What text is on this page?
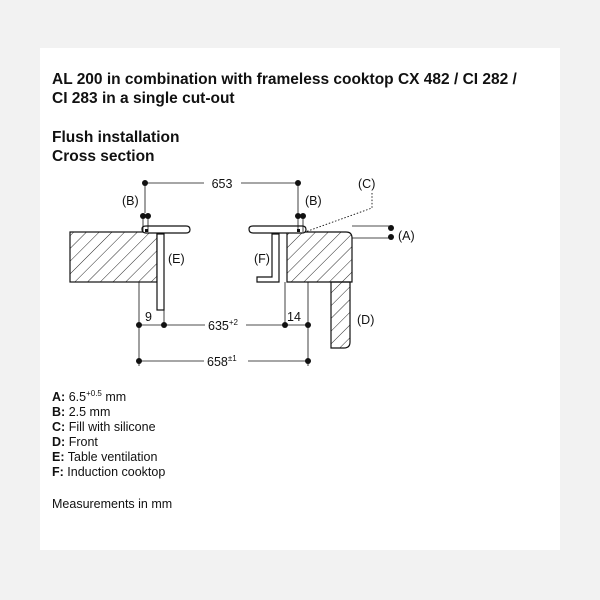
AL 200 in combination with frameless cooktop CX 482 / CI 282 /
CI 283 in a single cut-out
Flush installation
Cross section
653
(B)	(B)
(C)
(A)
(E)	(F)
(D)
9	14
$635^{+2}$
$658^{\pm 1}$
A: $6.5^{+0.5}$ mm
B: 2.5 mm
C: Fill with silicone
D: Front
E: Table ventilation
F: Induction cooktop
Measurements in mm
